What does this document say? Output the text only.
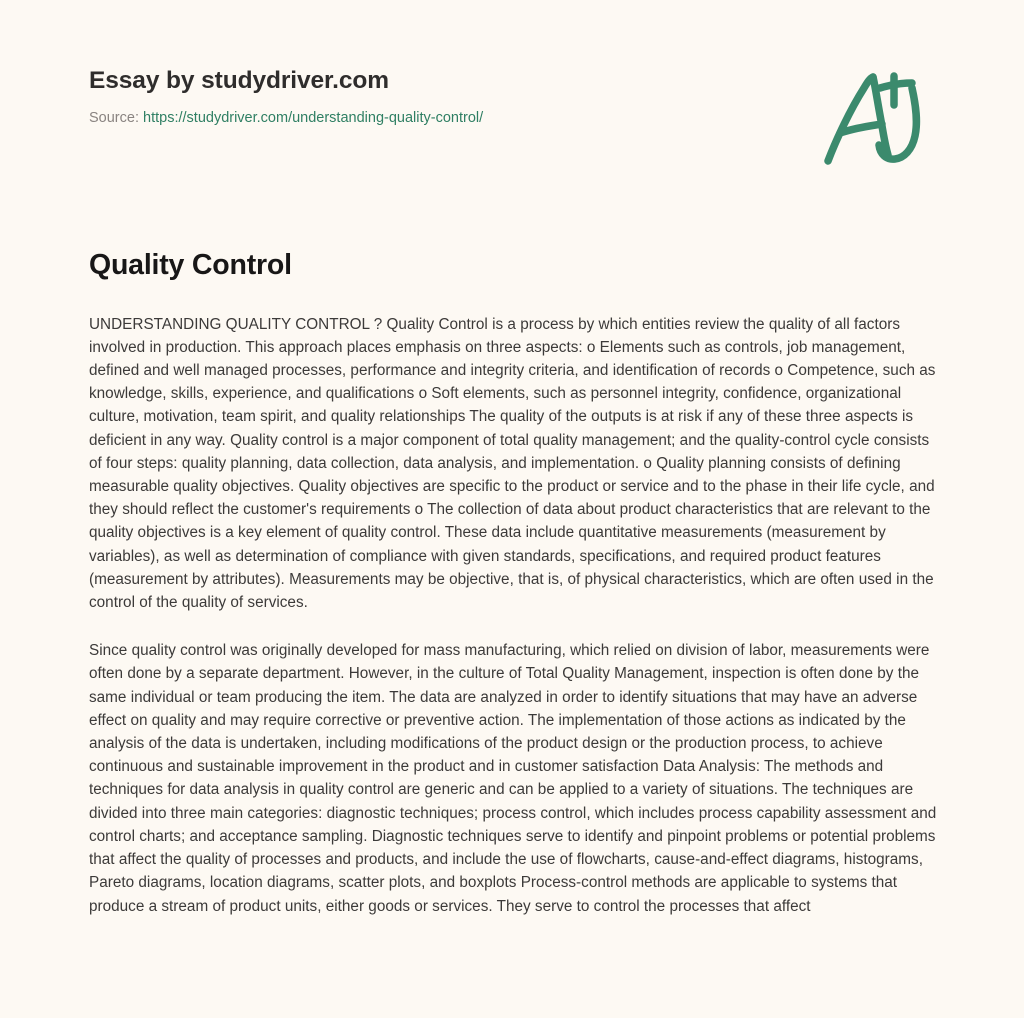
Essay by studydriver.com
Source: https://studydriver.com/understanding-quality-control/
Quality Control

UNDERSTANDING QUALITY CONTROL ? Quality Control is a process by which entities review the quality of all factors involved in production. This approach places emphasis on three aspects: o Elements such as controls, job management, defined and well managed processes, performance and integrity criteria, and identification of records o Competence, such as knowledge, skills, experience, and qualifications o Soft elements, such as personnel integrity, confidence, organizational culture, motivation, team spirit, and quality relationships The quality of the outputs is at risk if any of these three aspects is deficient in any way. Quality control is a major component of total quality management; and the quality-control cycle consists of four steps: quality planning, data collection, data analysis, and implementation. o Quality planning consists of defining measurable quality objectives. Quality objectives are specific to the product or service and to the phase in their life cycle, and they should reflect the customer's requirements o The collection of data about product characteristics that are relevant to the quality objectives is a key element of quality control. These data include quantitative measurements (measurement by variables), as well as determination of compliance with given standards, specifications, and required product features (measurement by attributes). Measurements may be objective, that is, of physical characteristics, which are often used in the control of the quality of services.

Since quality control was originally developed for mass manufacturing, which relied on division of labor, measurements were often done by a separate department. However, in the culture of Total Quality Management, inspection is often done by the same individual or team producing the item. The data are analyzed in order to identify situations that may have an adverse effect on quality and may require corrective or preventive action. The implementation of those actions as indicated by the analysis of the data is undertaken, including modifications of the product design or the production process, to achieve continuous and sustainable improvement in the product and in customer satisfaction Data Analysis: The methods and techniques for data analysis in quality control are generic and can be applied to a variety of situations. The techniques are divided into three main categories: diagnostic techniques; process control, which includes process capability assessment and control charts; and acceptance sampling. Diagnostic techniques serve to identify and pinpoint problems or potential problems that affect the quality of processes and products, and include the use of flowcharts, cause-and-effect diagrams, histograms, Pareto diagrams, location diagrams, scatter plots, and boxplots Process-control methods are applicable to systems that produce a stream of product units, either goods or services. They serve to control the processes that affect
